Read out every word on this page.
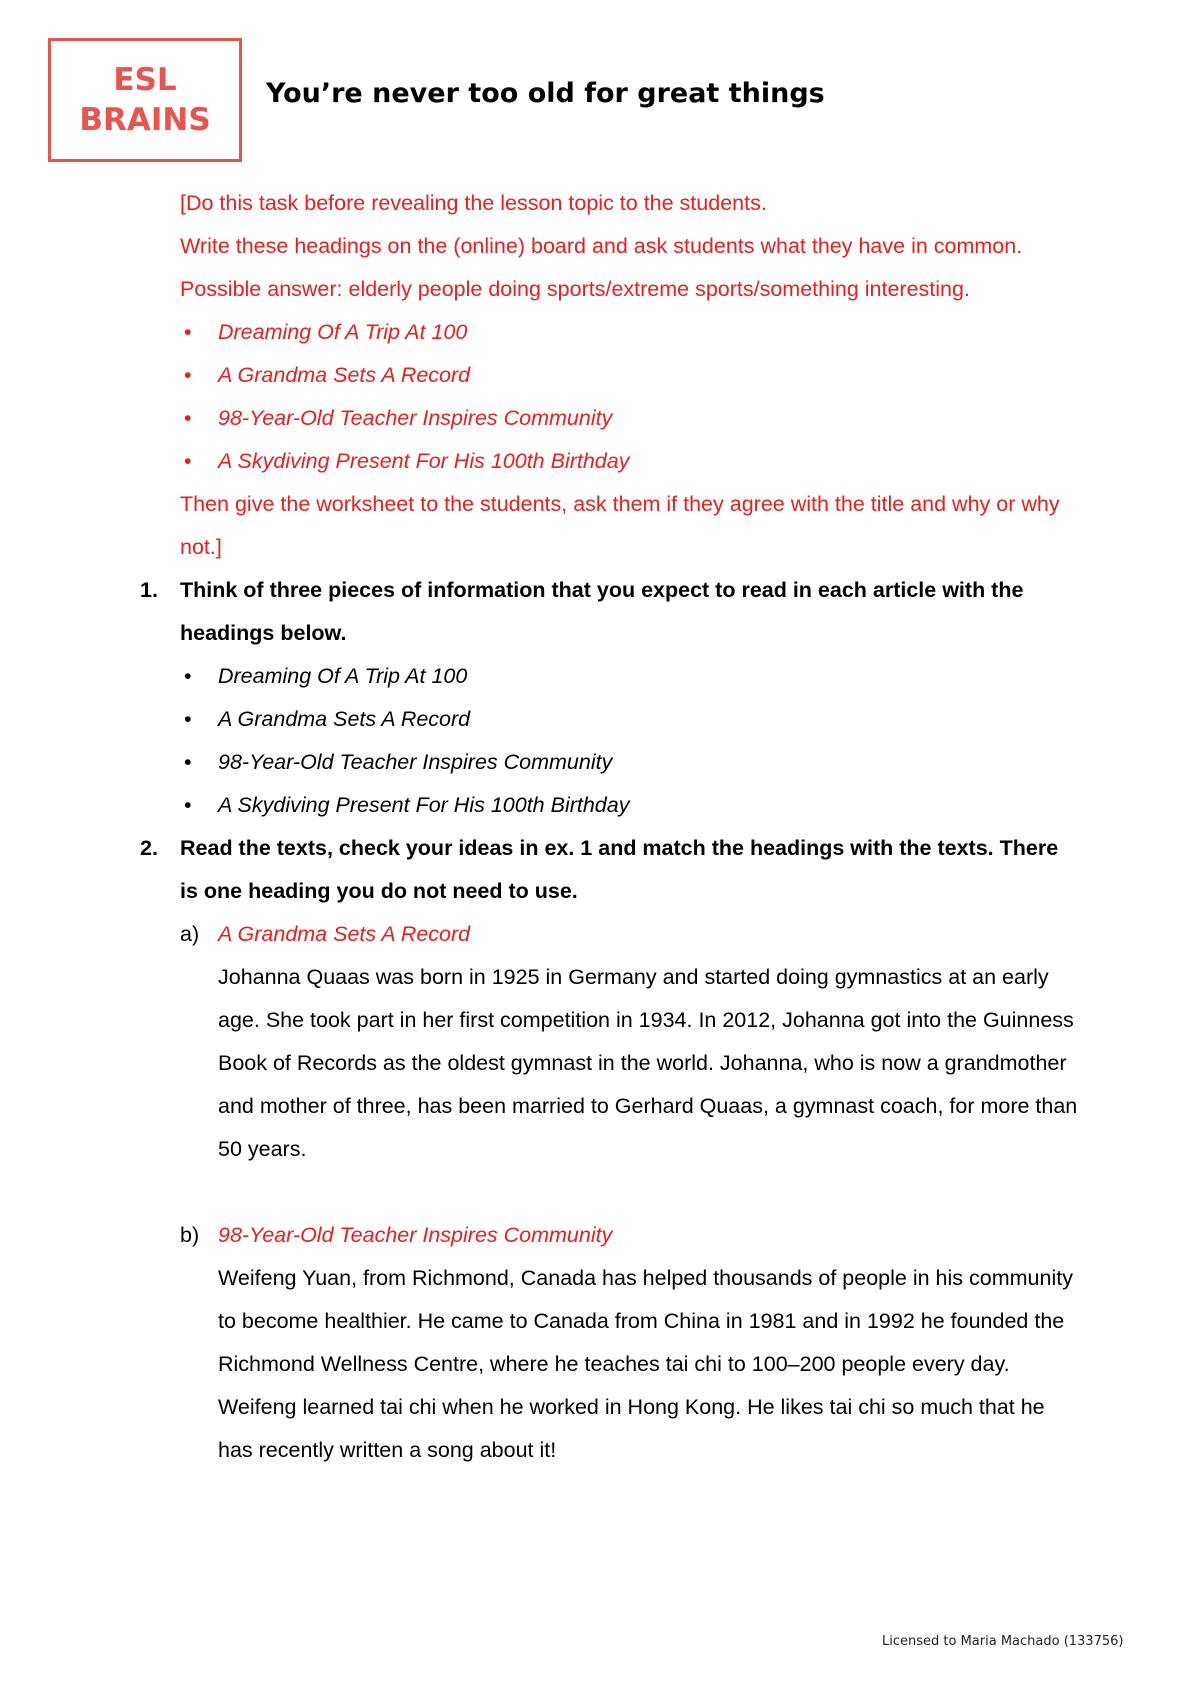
ESL
BRAINS
You’re never too old for great things

[Do this task before revealing the lesson topic to the students.

Write these headings on the (online) board and ask students what they have in common. Possible answer: elderly people doing sports/extreme sports/something interesting.

• Dreaming Of A Trip At 100
• A Grandma Sets A Record
• 98-Year-Old Teacher Inspires Community
• A Skydiving Present For His 100th Birthday

Then give the worksheet to the students, ask them if they agree with the title and why or why not.]

1. Think of three pieces of information that you expect to read in each article with the headings below.
• Dreaming Of A Trip At 100
• A Grandma Sets A Record
• 98-Year-Old Teacher Inspires Community
• A Skydiving Present For His 100th Birthday
2. Read the texts, check your ideas in ex. 1 and match the headings with the texts. There is one heading you do not need to use.
a) A Grandma Sets A Record
Johanna Quaas was born in 1925 in Germany and started doing gymnastics at an early age. She took part in her first competition in 1934. In 2012, Johanna got into the Guinness Book of Records as the oldest gymnast in the world. Johanna, who is now a grandmother and mother of three, has been married to Gerhard Quaas, a gymnast coach, for more than 50 years.
b) 98-Year-Old Teacher Inspires Community
Weifeng Yuan, from Richmond, Canada has helped thousands of people in his community to become healthier. He came to Canada from China in 1981 and in 1992 he founded the Richmond Wellness Centre, where he teaches tai chi to 100–200 people every day. Weifeng learned tai chi when he worked in Hong Kong. He likes tai chi so much that he has recently written a song about it!

Licensed to Maria Machado (133756)
